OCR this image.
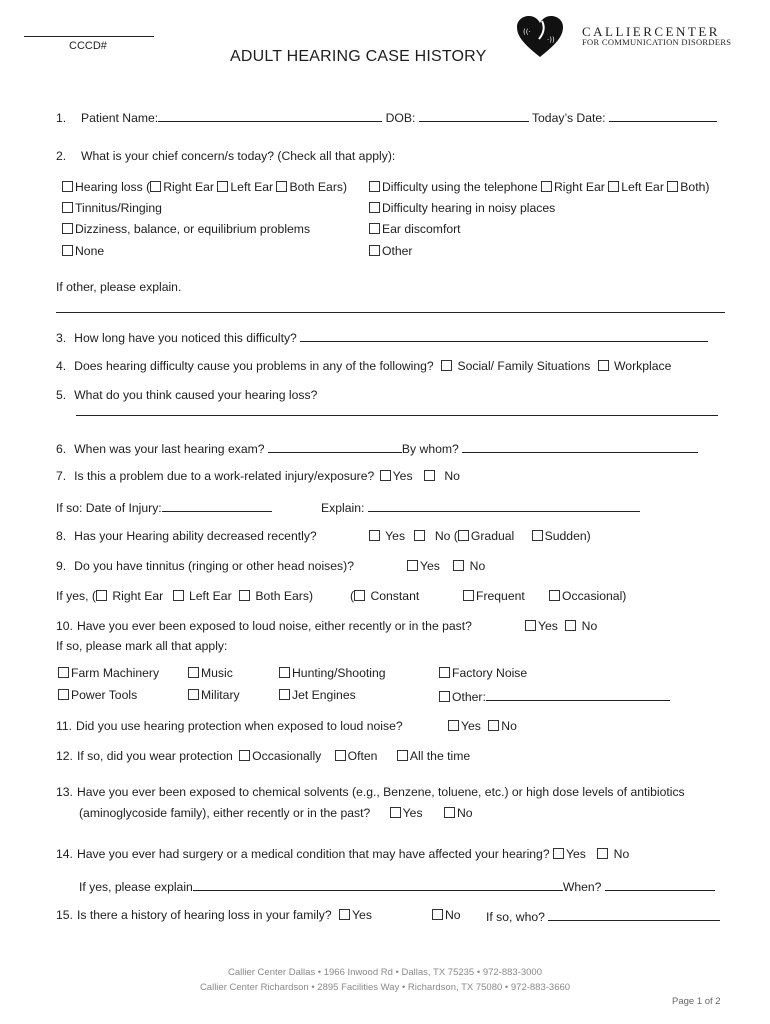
CCCD#
ADULT HEARING CASE HISTORY
((·
·))
CALLIERCENTER
FOR COMMUNICATION DISORDERS
1. Patient Name:	DOB:	Today’s Date:
2. What is your chief concern/s today? (Check all that apply):
Hearing loss ( Right Ear Left Ear Both Ears)
Tinnitus/Ringing
Dizziness, balance, or equilibrium problems
None
Difficulty using the telephone Right Ear Left Ear Both)
Difficulty hearing in noisy places
Ear discomfort
Other
If other, please explain.
3. How long have you noticed this difficulty?
4. Does hearing difficulty cause you problems in any of the following? Social/ Family Situations Workplace
5. What do you think caused your hearing loss?
6. When was your last hearing exam?	By whom?
7. Is this a problem due to a work-related injury/exposure? Yes	No
If so: Date of Injury:	Explain:
8. Has your Hearing ability decreased recently?	Yes No ( Gradual Sudden)
9. Do you have tinnitus (ringing or other head noises)?	Yes No
If yes, ( Right Ear Left Ear Both Ears)	( Constant	Frequent	Occasional)
10. Have you ever been exposed to loud noise, either recently or in the past?	Yes No
If so, please mark all that apply:
Farm Machinery	Music	Hunting/Shooting	Factory Noise
Power Tools	Military	Jet Engines	Other:
11. Did you use hearing protection when exposed to loud noise?	Yes No
12. If so, did you wear protection Occasionally Often	All the time
13. Have you ever been exposed to chemical solvents (e.g., Benzene, toluene, etc.) or high dose levels of antibiotics
(aminoglycoside family), either recently or in the past?	Yes	No
14. Have you ever had surgery or a medical condition that may have affected your hearing? Yes No
If yes, please explain	When?
15. Is there a history of hearing loss in your family? Yes	No If so, who?
Callier Center Dallas • 1966 Inwood Rd • Dallas, TX 75235 • 972-883-3000
Callier Center Richardson • 2895 Facilities Way • Richardson, TX 75080 • 972-883-3660
Page 1 of 2
